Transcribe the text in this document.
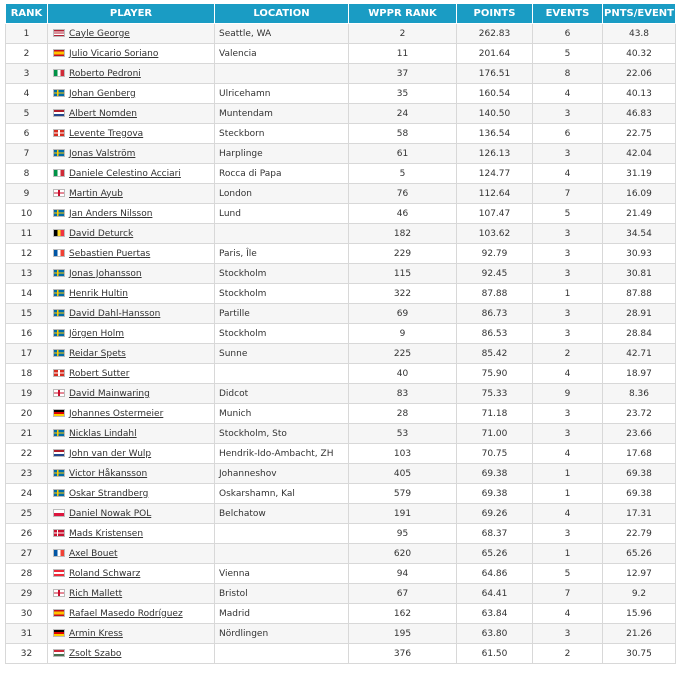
RANK	PLAYER	LOCATION	WPPR RANK	POINTS	EVENTS	PNTS/EVENT
1	Cayle George	Seattle, WA	2	262.83	6	43.8
2	Julio Vicario Soriano	Valencia	11	201.64	5	40.32
3	Roberto Pedroni		37	176.51	8	22.06
4	Johan Genberg	Ulricehamn	35	160.54	4	40.13
5	Albert Nomden	Muntendam	24	140.50	3	46.83
6	Levente Tregova	Steckborn	58	136.54	6	22.75
7	Jonas Valström	Harplinge	61	126.13	3	42.04
8	Daniele Celestino Acciari	Rocca di Papa	5	124.77	4	31.19
9	Martin Ayub	London	76	112.64	7	16.09
10	Jan Anders Nilsson	Lund	46	107.47	5	21.49
11	David Deturck		182	103.62	3	34.54
12	Sebastien Puertas	Paris, Île	229	92.79	3	30.93
13	Jonas Johansson	Stockholm	115	92.45	3	30.81
14	Henrik Hultin	Stockholm	322	87.88	1	87.88
15	David Dahl-Hansson	Partille	69	86.73	3	28.91
16	Jörgen Holm	Stockholm	9	86.53	3	28.84
17	Reidar Spets	Sunne	225	85.42	2	42.71
18	Robert Sutter		40	75.90	4	18.97
19	David Mainwaring	Didcot	83	75.33	9	8.36
20	Johannes Ostermeier	Munich	28	71.18	3	23.72
21	Nicklas Lindahl	Stockholm, Sto	53	71.00	3	23.66
22	John van der Wulp	Hendrik-Ido-Ambacht, ZH	103	70.75	4	17.68
23	Victor Håkansson	Johanneshov	405	69.38	1	69.38
24	Oskar Strandberg	Oskarshamn, Kal	579	69.38	1	69.38
25	Daniel Nowak POL	Belchatow	191	69.26	4	17.31
26	Mads Kristensen		95	68.37	3	22.79
27	Axel Bouet		620	65.26	1	65.26
28	Roland Schwarz	Vienna	94	64.86	5	12.97
29	Rich Mallett	Bristol	67	64.41	7	9.2
30	Rafael Masedo Rodríguez	Madrid	162	63.84	4	15.96
31	Armin Kress	Nördlingen	195	63.80	3	21.26
32	Zsolt Szabo		376	61.50	2	30.75
